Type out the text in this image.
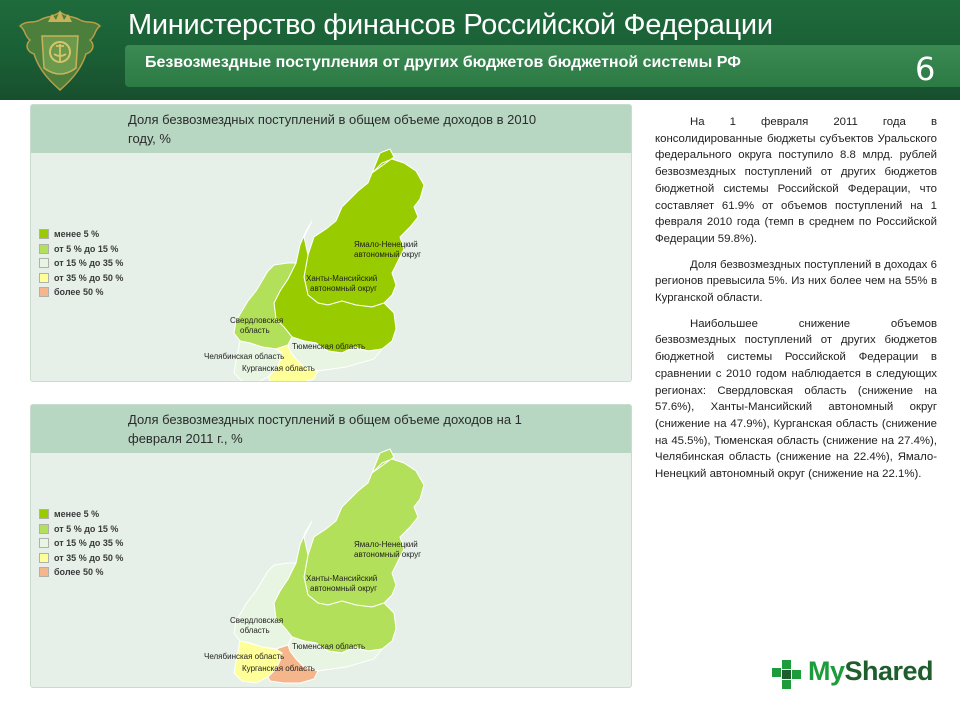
Министерство финансов Российской Федерации
Безвозмездные поступления от других бюджетов бюджетной системы РФ	6
Доля безвозмездных поступлений в общем объеме доходов в 2010 году, %
менее 5 %
от 5 % до 15 %
от 15 % до 35 %
от 35 % до 50 %
более 50 %
Ямало-Ненецкий
автономный округ
Ханты-Мансийский
автономный округ
Свердловская
область
Тюменская область
Челябинская область
Курганская область
Доля безвозмездных поступлений в общем объеме доходов на 1 февраля 2011 г., %
менее 5 %
от 5 % до 15 %
от 15 % до 35 %
от 35 % до 50 %
более 50 %
Ямало-Ненецкий
автономный округ
Ханты-Мансийский
автономный округ
Свердловская
область
Тюменская область
Челябинская область
Курганская область

На 1 февраля 2011 года в консолидированные бюджеты субъектов Уральского федерального округа поступило 8.8 млрд. рублей безвозмездных поступлений от других бюджетов бюджетной системы Российской Федерации, что составляет 61.9% от объемов поступлений на 1 февраля 2010 года (темп в среднем по Российской Федерации 59.8%).

Доля безвозмездных поступлений в доходах 6 регионов превысила 5%. Из них более чем на 55% в Курганской области.

Наибольшее снижение объемов безвозмездных поступлений от других бюджетов бюджетной системы Российской Федерации в сравнении с 2010 годом наблюдается в следующих регионах: Свердловская область (снижение на 57.6%), Ханты-Мансийский автономный округ (снижение на 47.9%), Курганская область (снижение на 45.5%), Тюменская область (снижение на 27.4%), Челябинская область (снижение на 22.4%), Ямало-Ненецкий автономный округ (снижение на 22.1%).

MyShared
